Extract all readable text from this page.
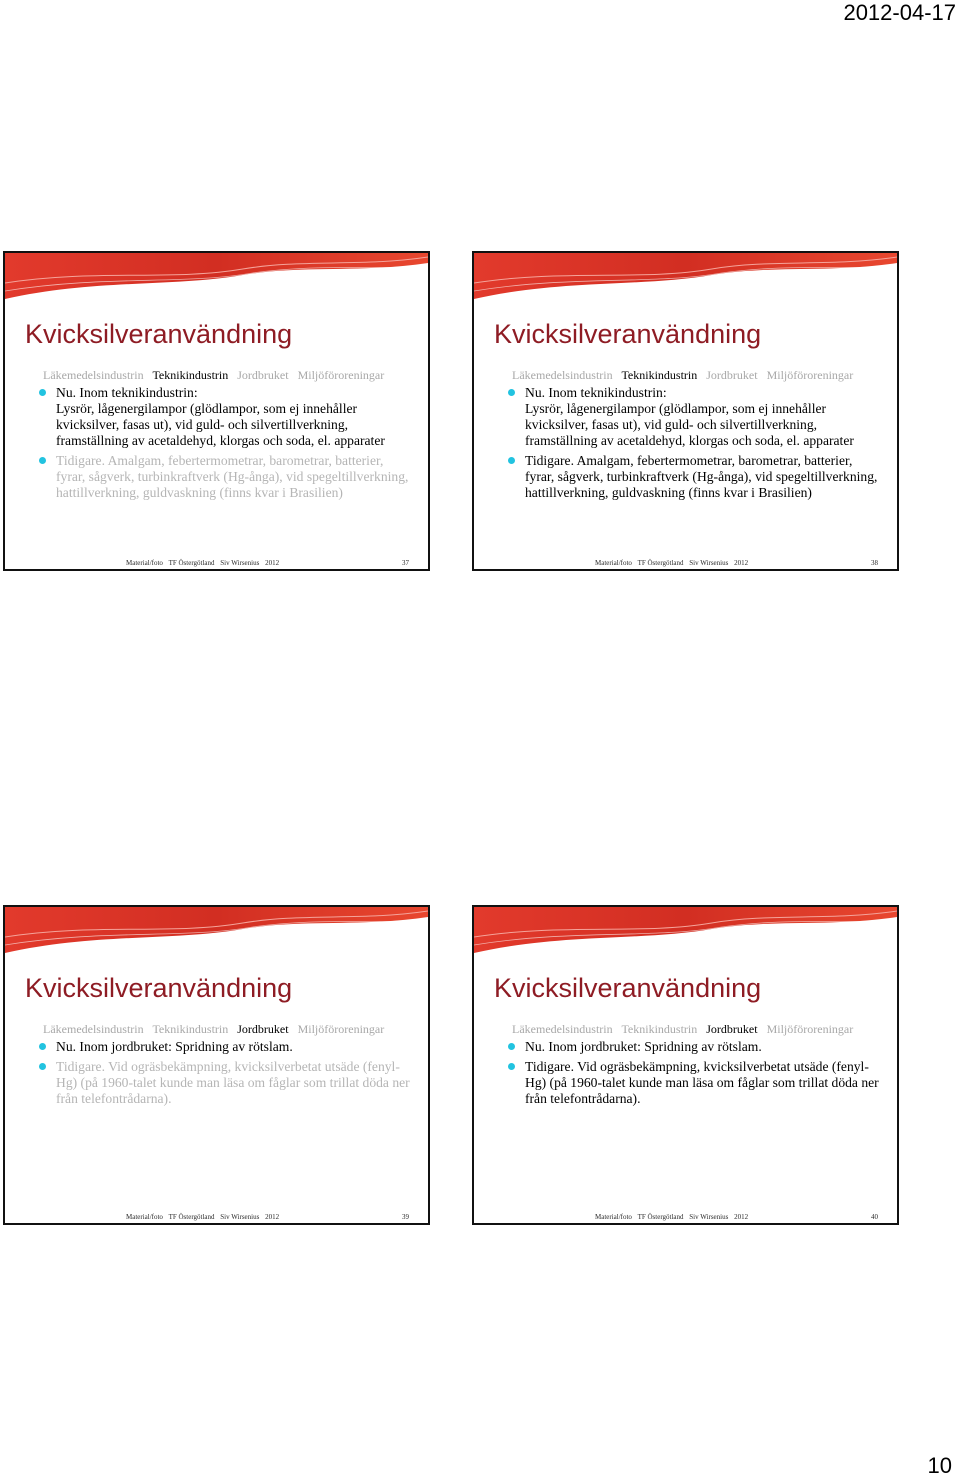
2012-04-17
Kvicksilveranvändning
Läkemedelsindustrin Teknikindustrin Jordbruket Miljöföroreningar
Nu. Inom teknikindustrin:
Lysrör, lågenergilampor (glödlampor, som ej innehåller kvicksilver, fasas ut), vid guld- och silvertillverkning, framställning av acetaldehyd, klorgas och soda, el. apparater
Tidigare. Amalgam, febertermometrar, barometrar, batterier, fyrar, sågverk, turbinkraftverk (Hg-ånga), vid spegeltillverkning, hattillverkning, guldvaskning (finns kvar i Brasilien)
Material/foto TF Östergötland Siv Wirsenius 2012	37
Kvicksilveranvändning
Läkemedelsindustrin Teknikindustrin Jordbruket Miljöföroreningar
Nu. Inom teknikindustrin:
Lysrör, lågenergilampor (glödlampor, som ej innehåller kvicksilver, fasas ut), vid guld- och silvertillverkning, framställning av acetaldehyd, klorgas och soda, el. apparater
Tidigare. Amalgam, febertermometrar, barometrar, batterier, fyrar, sågverk, turbinkraftverk (Hg-ånga), vid spegeltillverkning, hattillverkning, guldvaskning (finns kvar i Brasilien)
Material/foto TF Östergötland Siv Wirsenius 2012	38
Kvicksilveranvändning
Läkemedelsindustrin Teknikindustrin Jordbruket Miljöföroreningar
Nu. Inom jordbruket: Spridning av rötslam.
Tidigare. Vid ogräsbekämpning, kvicksilverbetat utsäde (fenyl-Hg) (på 1960-talet kunde man läsa om fåglar som trillat döda ner från telefontrådarna).
Material/foto TF Östergötland Siv Wirsenius 2012	39
Kvicksilveranvändning
Läkemedelsindustrin Teknikindustrin Jordbruket Miljöföroreningar
Nu. Inom jordbruket: Spridning av rötslam.
Tidigare. Vid ogräsbekämpning, kvicksilverbetat utsäde (fenyl-Hg) (på 1960-talet kunde man läsa om fåglar som trillat döda ner från telefontrådarna).
Material/foto TF Östergötland Siv Wirsenius 2012	40
10
